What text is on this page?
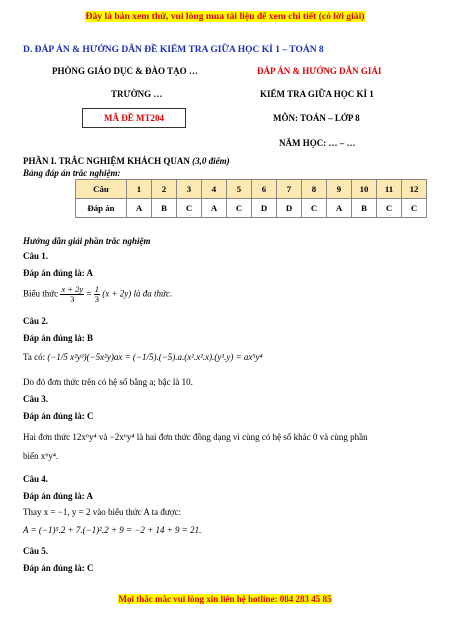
Đây là bản xem thử, vui lòng mua tài liệu để xem chi tiết (có lời giải)
D. ĐÁP ÁN & HƯỚNG DẪN ĐỀ KIỂM TRA GIỮA HỌC KÌ 1 – TOÁN 8
PHÒNG GIÁO DỤC & ĐÀO TẠO …
TRƯỜNG …
MÃ ĐỀ MT204
ĐÁP ÁN & HƯỚNG DẪN GIẢI
KIỂM TRA GIỮA HỌC KÌ 1
MÔN: TOÁN – LỚP 8
NĂM HỌC: … – …
PHẦN I. TRẮC NGHIỆM KHÁCH QUAN (3,0 điểm)
Bảng đáp án trắc nghiệm:
Câu	1	2	3	4	5	6	7	8	9	10	11	12
Đáp án	A	B	C	A	C	D	D	C	A	B	C	C
Hướng dẫn giải phần trắc nghiệm
Câu 1.
Đáp án đúng là: A
Biểu thức $\frac{x + 2y}{3} = \frac{1}{3} (x + 2y)$ là đa thức.
Câu 2.
Đáp án đúng là: B
Ta có: (−1/5 x²y³)(−5x²y)ax = (−1/5).(−5).a.(x².x².x).(y³.y) = ax⁵y⁴
Do đó đơn thức trên có hệ số bằng a; bậc là 10.
Câu 3.
Đáp án đúng là: C
Hai đơn thức 12x⁶y⁴ và −2x⁶y⁴ là hai đơn thức đồng dạng vì cùng có hệ số khác 0 và cùng phần
biến x⁶y⁴.
Câu 4.
Đáp án đúng là: A
Thay x = −1, y = 2 vào biểu thức A ta được:
A = (−1)⁵.2 + 7.(−1)².2 + 9 = −2 + 14 + 9 = 21.
Câu 5.
Đáp án đúng là: C
Mọi thắc mắc vui lòng xin liên hệ hotline: 084 283 45 85
